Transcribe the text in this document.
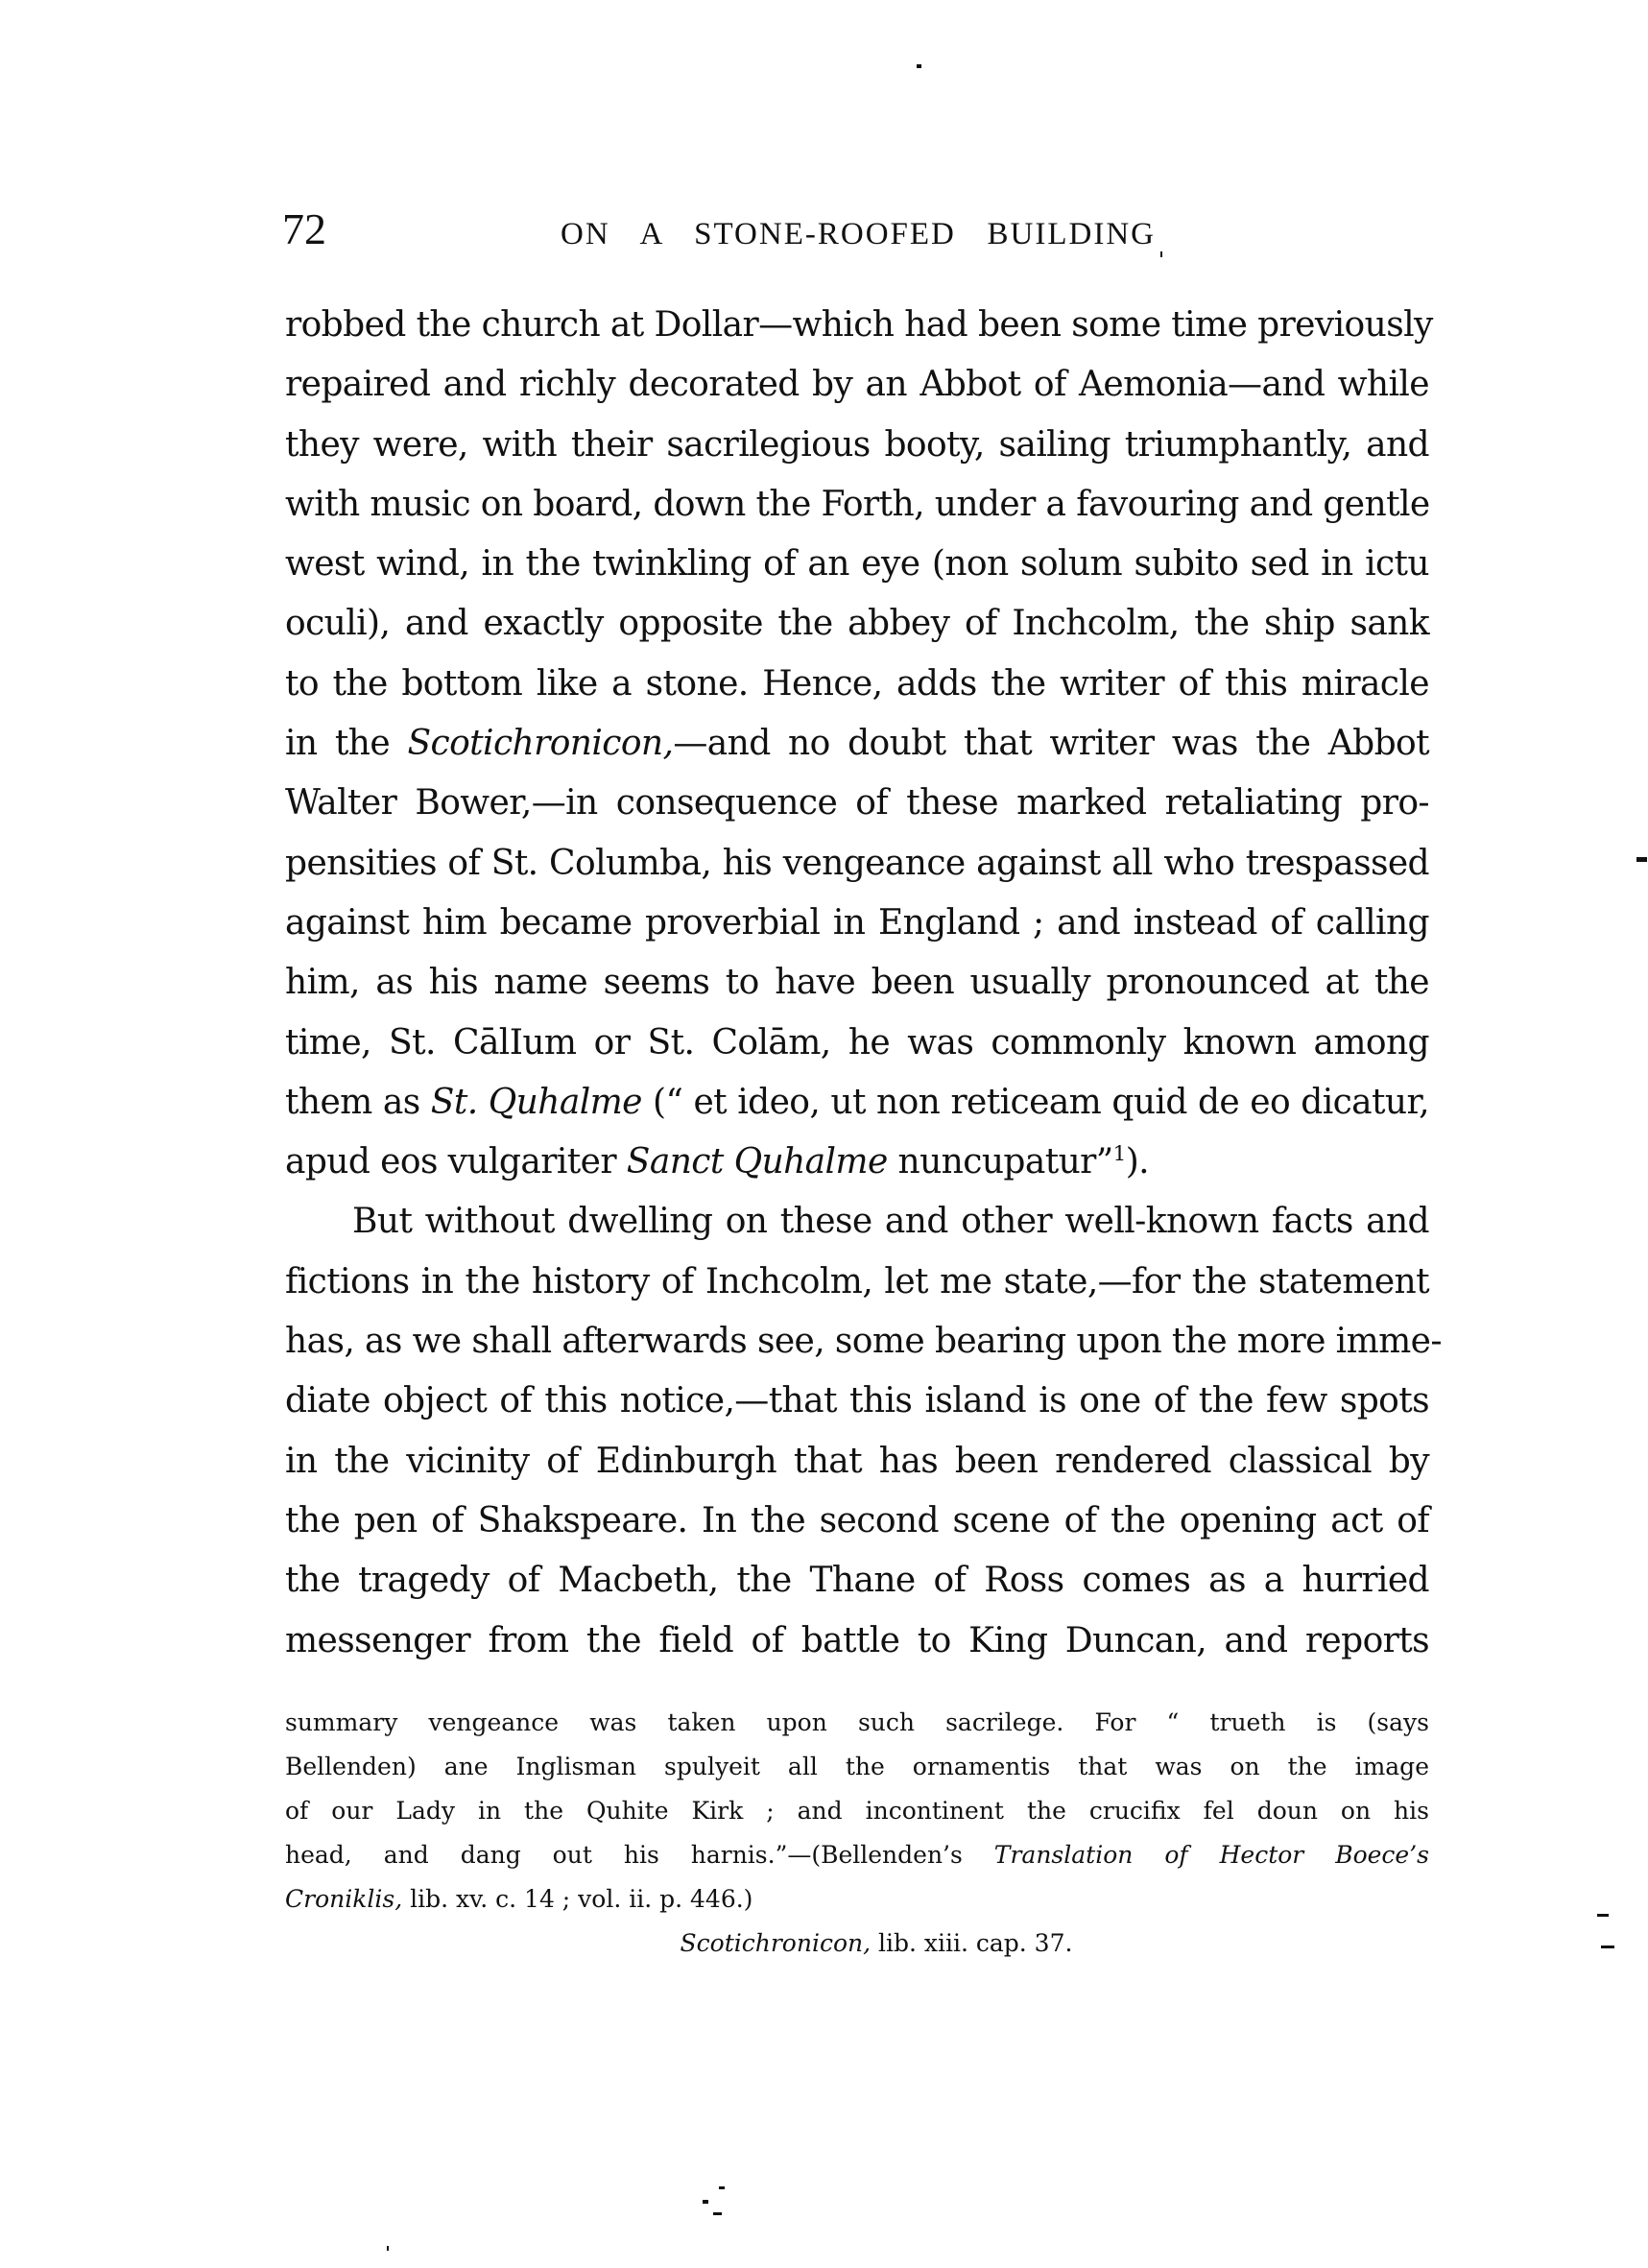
72	ON A STONE-ROOFED BUILDING
robbed the church at Dollar—which had been some time previously
repaired and richly decorated by an Abbot of Aemonia—and while
they were, with their sacrilegious booty, sailing triumphantly, and
with music on board, down the Forth, under a favouring and gentle
west wind, in the twinkling of an eye (non solum subito sed in ictu
oculi), and exactly opposite the abbey of Inchcolm, the ship sank
to the bottom like a stone. Hence, adds the writer of this miracle
in the Scotichronicon,—and no doubt that writer was the Abbot
Walter Bower,—in consequence of these marked retaliating pro-
pensities of St. Columba, his vengeance against all who trespassed
against him became proverbial in England ; and instead of calling
him, as his name seems to have been usually pronounced at the
time, St. CālIum or St. Colām, he was commonly known among
them as St. Quhalme (“ et ideo, ut non reticeam quid de eo dicatur,
apud eos vulgariter Sanct Quhalme nuncupatur”$^1$).
But without dwelling on these and other well-known facts and
fictions in the history of Inchcolm, let me state,—for the statement
has, as we shall afterwards see, some bearing upon the more imme-
diate object of this notice,—that this island is one of the few spots
in the vicinity of Edinburgh that has been rendered classical by
the pen of Shakspeare. In the second scene of the opening act of
the tragedy of Macbeth, the Thane of Ross comes as a hurried
messenger from the field of battle to King Duncan, and reports
summary vengeance was taken upon such sacrilege. For “ trueth is (says
Bellenden) ane Inglisman spulyeit all the ornamentis that was on the image
of our Lady in the Quhite Kirk ; and incontinent the crucifix fel doun on his
head, and dang out his harnis.”—(Bellenden’s Translation of Hector Boece’s
Croniklis, lib. xv. c. 14 ; vol. ii. p. 446.)
Scotichronicon, lib. xiii. cap. 37.
